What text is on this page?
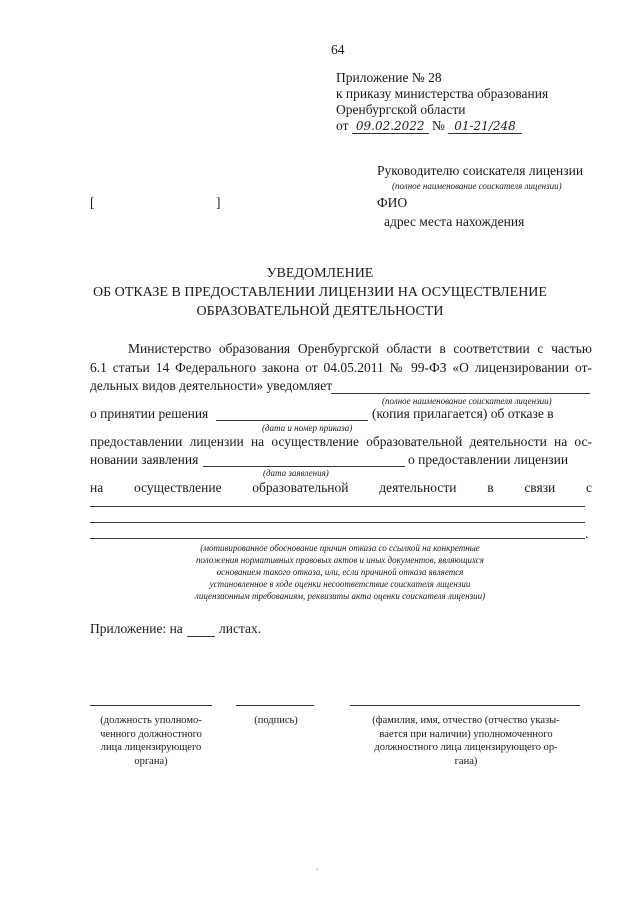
64
Приложение № 28
к приказу министерства образования
Оренбургской области
от 09.02.2022 № 01-21/248
Руководителю соискателя лицензии
(полное наименование соискателя лицензии)
[	]	ФИО
адрес места нахождения
УВЕДОМЛЕНИЕ
ОБ ОТКАЗЕ В ПРЕДОСТАВЛЕНИИ ЛИЦЕНЗИИ НА ОСУЩЕСТВЛЕНИЕ
ОБРАЗОВАТЕЛЬНОЙ ДЕЯТЕЛЬНОСТИ
Министерство образования Оренбургской области в соответствии с частью
6.1 статьи 14 Федерального закона от 04.05.2011 № 99-ФЗ «О лицензировании от-
дельных видов деятельности» уведомляет
(полное наименование соискателя лицензии)
о принятии решения	(копия прилагается) об отказе в
(дата и номер приказа)
предоставлении лицензии на осуществление образовательной деятельности на ос-
новании заявления	о предоставлении лицензии
(дата заявления)
на осуществление образовательной деятельности в связи с
.
(мотивированное обоснование причин отказа со ссылкой на конкретные
положения нормативных правовых актов и иных документов, являющихся
основанием такого отказа, или, если причиной отказа является
установленное в ходе оценки несоответствие соискателя лицензии
лицензионным требованиям, реквизиты акта оценки соискателя лицензии)
Приложение: на	листах.
(должность уполномо-
ченного должностного
лица лицензирующего
органа)
(подпись)	(фамилия, имя, отчество (отчество указы-
вается при наличии) уполномоченного
должностного лица лицензирующего ор-
гана)
.
